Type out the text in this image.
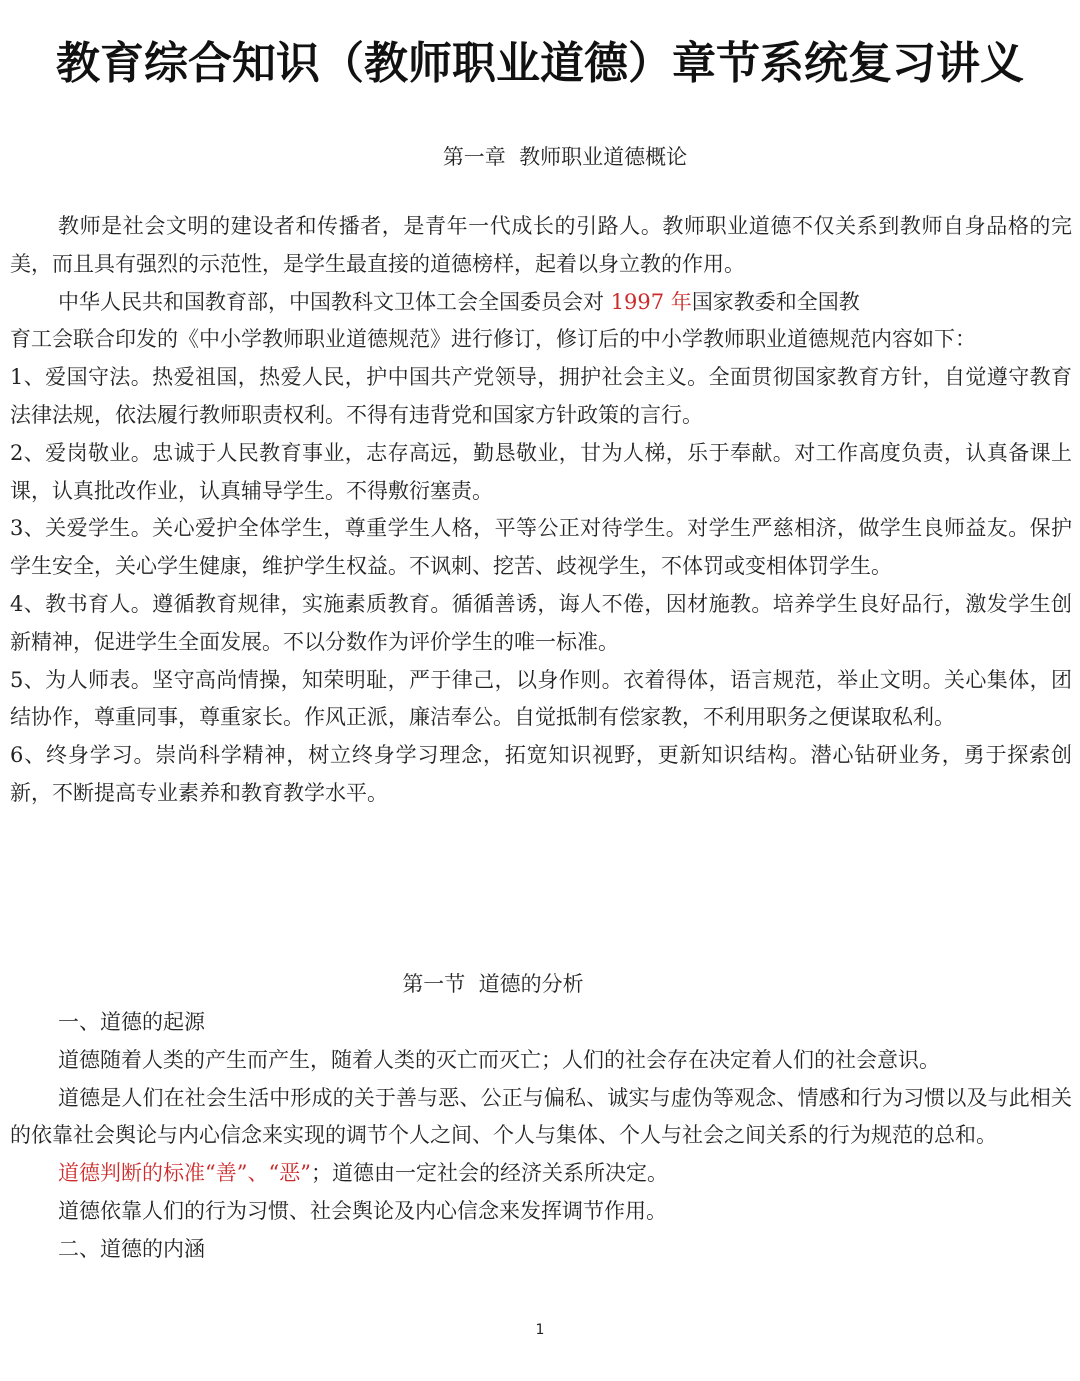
教育综合知识（教师职业道德）章节系统复习讲义
第一章  教师职业道德概论

教师是社会文明的建设者和传播者，是青年一代成长的引路人。教师职业道德不仅关系到教师自身品格的完美，而且具有强烈的示范性，是学生最直接的道德榜样，起着以身立教的作用。

中华人民共和国教育部，中国教科文卫体工会全国委员会对 1997 年国家教委和全国教

育工会联合印发的《中小学教师职业道德规范》进行修订，修订后的中小学教师职业道德规范内容如下：

1、爱国守法。热爱祖国，热爱人民，护中国共产党领导，拥护社会主义。全面贯彻国家教育方针，自觉遵守教育法律法规，依法履行教师职责权利。不得有违背党和国家方针政策的言行。

2、爱岗敬业。忠诚于人民教育事业，志存高远，勤恳敬业，甘为人梯，乐于奉献。对工作高度负责，认真备课上课，认真批改作业，认真辅导学生。不得敷衍塞责。

3、关爱学生。关心爱护全体学生，尊重学生人格，平等公正对待学生。对学生严慈相济，做学生良师益友。保护学生安全，关心学生健康，维护学生权益。不讽刺、挖苦、歧视学生，不体罚或变相体罚学生。

4、教书育人。遵循教育规律，实施素质教育。循循善诱，诲人不倦，因材施教。培养学生良好品行，激发学生创新精神，促进学生全面发展。不以分数作为评价学生的唯一标准。

5、为人师表。坚守高尚情操，知荣明耻，严于律己，以身作则。衣着得体，语言规范，举止文明。关心集体，团结协作，尊重同事，尊重家长。作风正派，廉洁奉公。自觉抵制有偿家教，不利用职务之便谋取私利。

6、终身学习。崇尚科学精神，树立终身学习理念，拓宽知识视野，更新知识结构。潜心钻研业务，勇于探索创新，不断提高专业素养和教育教学水平。

第一节  道德的分析

一、道德的起源

道德随着人类的产生而产生，随着人类的灭亡而灭亡；人们的社会存在决定着人们的社会意识。

道德是人们在社会生活中形成的关于善与恶、公正与偏私、诚实与虚伪等观念、情感和行为习惯以及与此相关的依靠社会舆论与内心信念来实现的调节个人之间、个人与集体、个人与社会之间关系的行为规范的总和。

道德判断的标准“善”、“恶”；道德由一定社会的经济关系所决定。

道德依靠人们的行为习惯、社会舆论及内心信念来发挥调节作用。

二、道德的内涵

1
